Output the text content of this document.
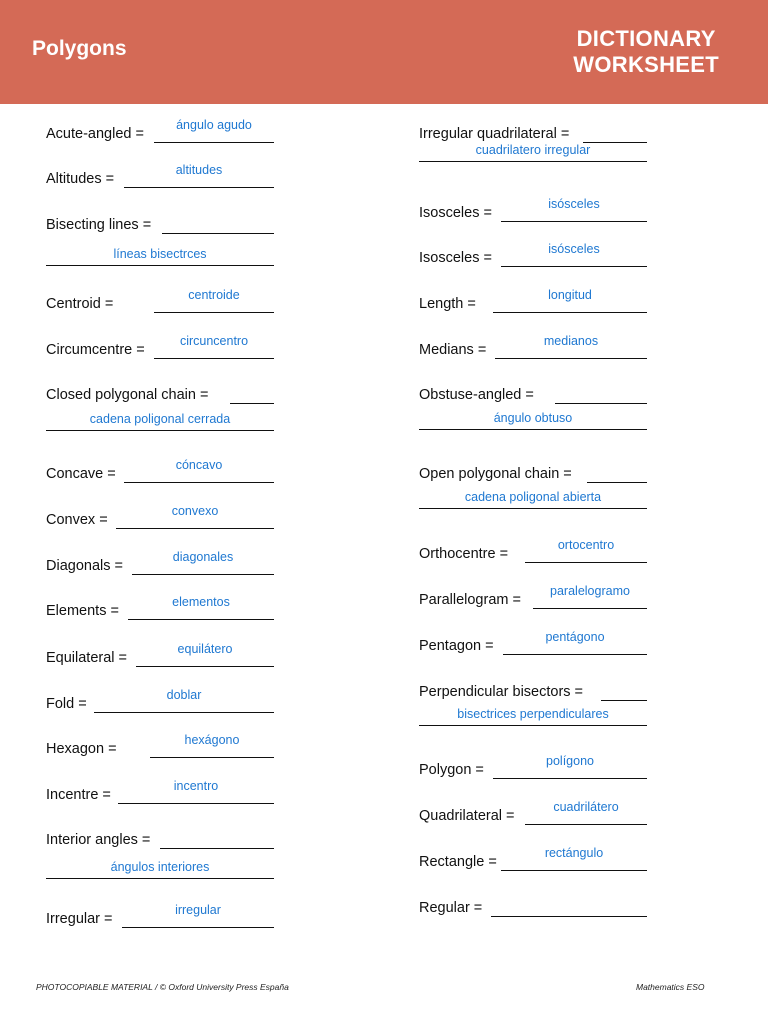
Polygons	DICTIONARY
WORKSHEET
Acute-angled =
ángulo agudo
Altitudes =
altitudes
Bisecting lines =
líneas bisectrces
Centroid =
centroide
Circumcentre =
circuncentro
Closed polygonal chain =
cadena poligonal cerrada
Concave =
cóncavo
Convex =
convexo
Diagonals =
diagonales
Elements =
elementos
Equilateral =
equilátero
Fold =
doblar
Hexagon =
hexágono
Incentre =
incentro
Interior angles =
ángulos interiores
Irregular =
irregular
Irregular quadrilateral =
cuadrilatero irregular
Isosceles =
isósceles
Isosceles =
isósceles
Length =
longitud
Medians =
medianos
Obstuse-angled =
ángulo obtuso
Open polygonal chain =
cadena poligonal abierta
Orthocentre =
ortocentro
Parallelogram =
paralelogramo
Pentagon =
pentágono
Perpendicular bisectors =
bisectrices perpendiculares
Polygon =
polígono
Quadrilateral =
cuadrilátero
Rectangle =
rectángulo
Regular =
PHOTOCOPIABLE MATERIAL / © Oxford University Press España	Mathematics ESO
